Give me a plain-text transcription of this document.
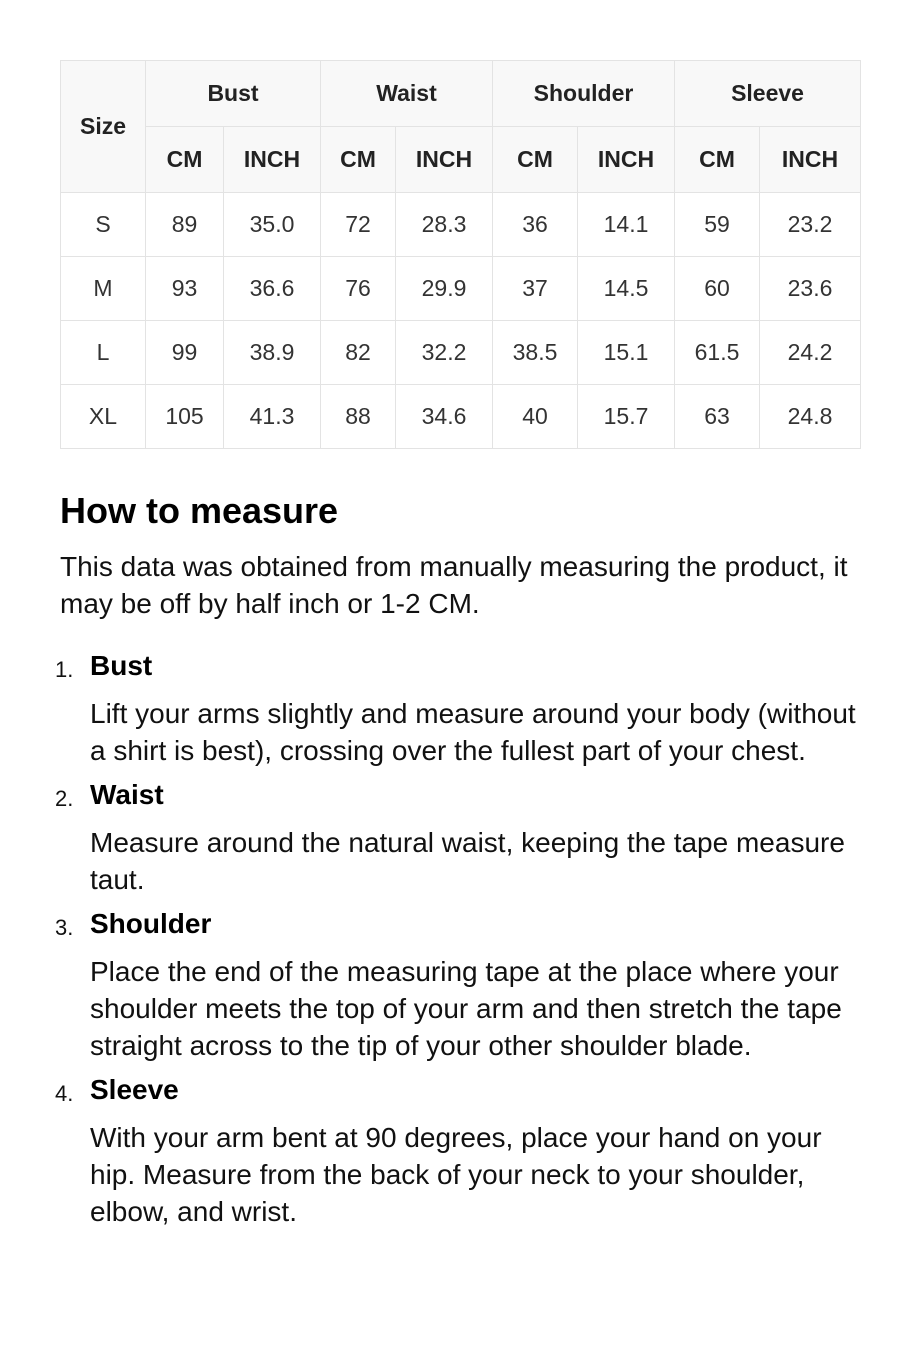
Size	Bust		Waist		Shoulder		Sleeve	
	CM	INCH	CM	INCH	CM	INCH	CM	INCH
S	89	35.0	72	28.3	36	14.1	59	23.2
M	93	36.6	76	29.9	37	14.5	60	23.6
L	99	38.9	82	32.2	38.5	15.1	61.5	24.2
XL	105	41.3	88	34.6	40	15.7	63	24.8
How to measure

This data was obtained from manually measuring the product, it may be off by half inch or 1-2 CM.

1. Bust
Lift your arms slightly and measure around your body (without a shirt is best), crossing over the fullest part of your chest.
2. Waist
Measure around the natural waist, keeping the tape measure taut.
3. Shoulder
Place the end of the measuring tape at the place where your shoulder meets the top of your arm and then stretch the tape straight across to the tip of your other shoulder blade.
4. Sleeve
With your arm bent at 90 degrees, place your hand on your hip. Measure from the back of your neck to your shoulder, elbow, and wrist.
